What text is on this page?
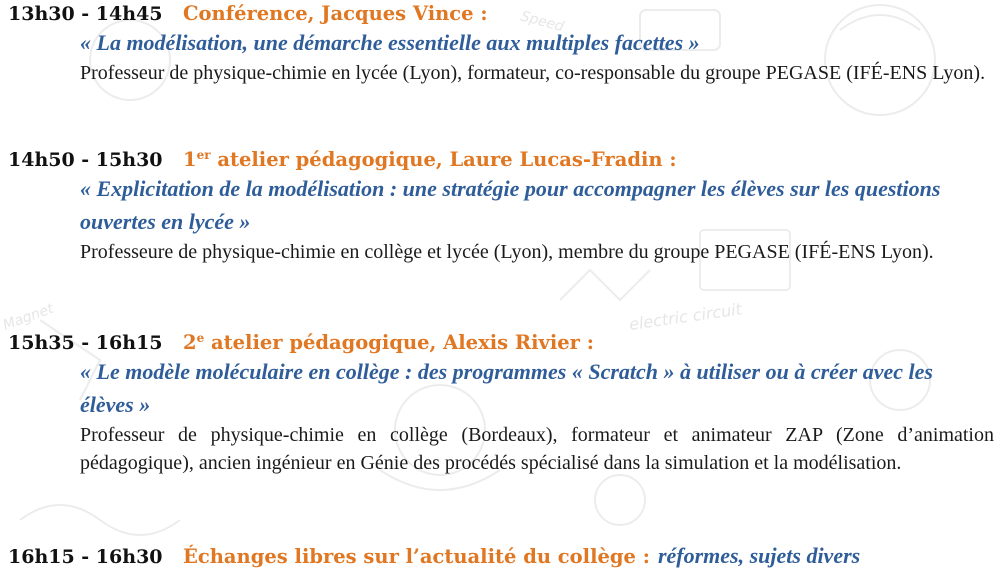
Magnet	electric circuit
Speed
13h30 - 14h45	Conférence, Jacques Vince :
« La modélisation, une démarche essentielle aux multiples facettes »
Professeur de physique-chimie en lycée (Lyon), formateur, co-responsable du groupe PEGASE (IFÉ-ENS Lyon).
14h50 - 15h30	1er atelier pédagogique, Laure Lucas-Fradin :
« Explicitation de la modélisation : une stratégie pour accompagner les élèves sur les questions ouvertes en lycée »
Professeure de physique-chimie en collège et lycée (Lyon), membre du groupe PEGASE (IFÉ-ENS Lyon).
15h35 - 16h15	2e atelier pédagogique, Alexis Rivier :
« Le modèle moléculaire en collège : des programmes « Scratch » à utiliser ou à créer avec les élèves »
Professeur de physique-chimie en collège (Bordeaux), formateur et animateur ZAP (Zone d’animation pédagogique), ancien ingénieur en Génie des procédés spécialisé dans la simulation et la modélisation.
16h15 - 16h30	Échanges libres sur l’actualité du collège : réformes, sujets divers
